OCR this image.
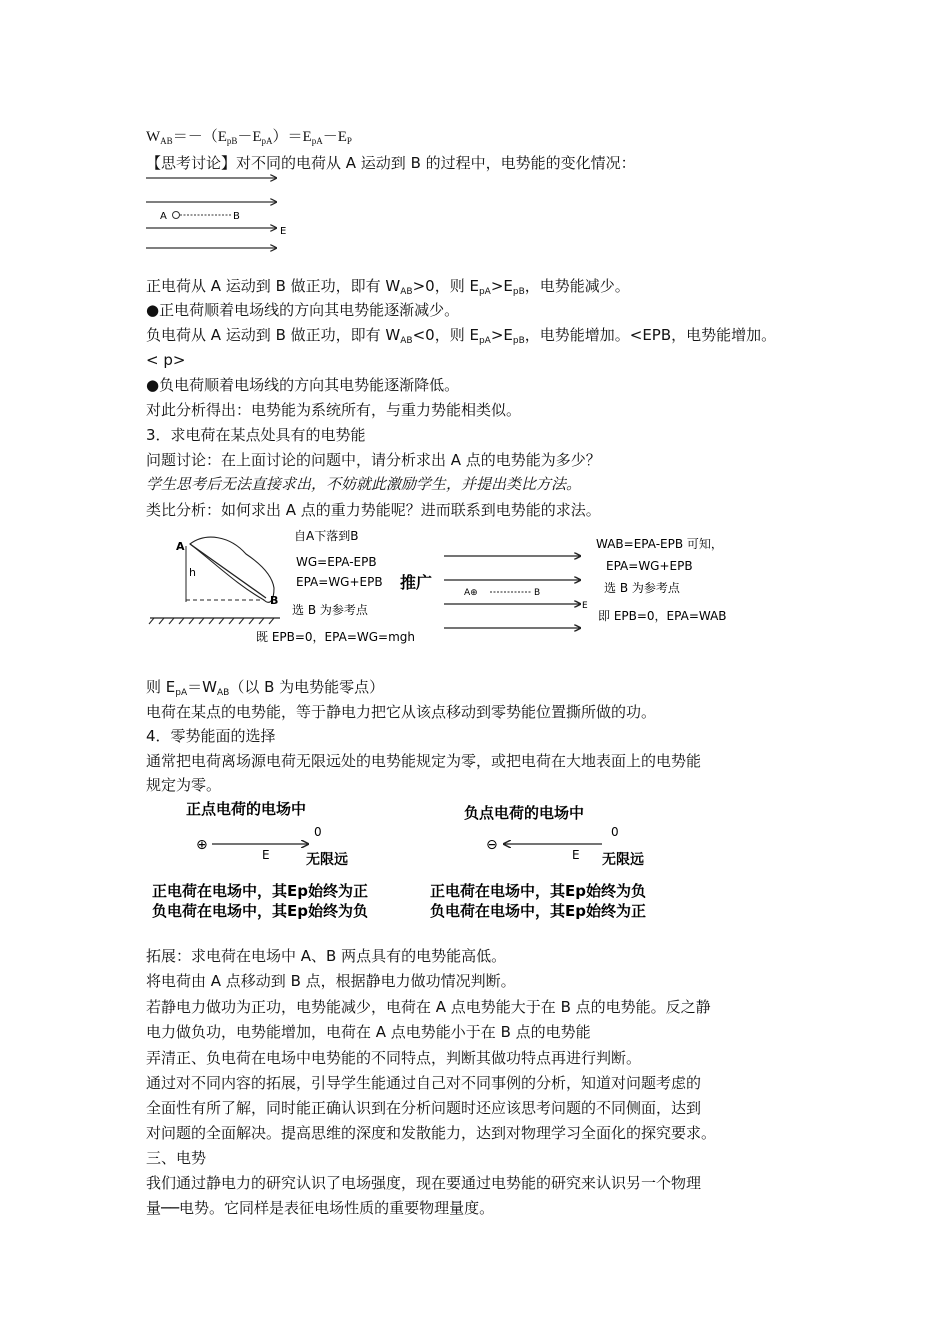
$W_{AB}=-(E_{pB}-E_{pA})=E_{pA}-E_P$
【思考讨论】对不同的电荷从 A 运动到 B 的过程中，电势能的变化情况：
A	B
E
正电荷从 A 运动到 B 做正功，即有 $W_{AB}>0$，则 $E_{pA}>E_{pB}$，电势能减少。
●正电荷顺着电场线的方向其电势能逐渐减少。
负电荷从 A 运动到 B 做正功，即有 $W_{AB}<0$，则 $E_{pA}>E_{pB}$，电势能增加。<EPB，电势能增加。
< p>
●负电荷顺着电场线的方向其电势能逐渐降低。
对此分析得出：电势能为系统所有，与重力势能相类似。
3．求电荷在某点处具有的电势能
问题讨论：在上面讨论的问题中，请分析求出 A 点的电势能为多少？
学生思考后无法直接求出，不妨就此激励学生，并提出类比方法。
类比分析：如何求出 A 点的重力势能呢？进而联系到电势能的求法。
A
h
B
自A下落到B
WG=EPA-EPB
EPA=WG+EPB
选 B 为参考点
既 EPB=0，EPA=WG=mgh
推广
A⊕	B
E
WAB=EPA-EPB 可知，
EPA=WG+EPB
选 B 为参考点
即 EPB=0，EPA=WAB
则 $E_{pA}=W_{AB}$（以 B 为电势能零点）
电荷在某点的电势能，等于静电力把它从该点移动到零势能位置撕所做的功。
4．零势能面的选择
通常把电荷离场源电荷无限远处的电势能规定为零，或把电荷在大地表面上的电势能
规定为零。
正点电荷的电场中
0
⊕
E	无限远
正电荷在电场中，其Ep始终为正
负电荷在电场中，其Ep始终为负
负点电荷的电场中
0
⊖
E 无限远
正电荷在电场中，其Ep始终为负
负电荷在电场中，其Ep始终为正
拓展：求电荷在电场中 A、B 两点具有的电势能高低。
将电荷由 A 点移动到 B 点，根据静电力做功情况判断。
若静电力做功为正功，电势能减少，电荷在 A 点电势能大于在 B 点的电势能。反之静
电力做负功，电势能增加，电荷在 A 点电势能小于在 B 点的电势能
弄清正、负电荷在电场中电势能的不同特点，判断其做功特点再进行判断。
通过对不同内容的拓展，引导学生能通过自己对不同事例的分析，知道对问题考虑的
全面性有所了解，同时能正确认识到在分析问题时还应该思考问题的不同侧面，达到
对问题的全面解决。提高思维的深度和发散能力，达到对物理学习全面化的探究要求。
三、电势
我们通过静电力的研究认识了电场强度，现在要通过电势能的研究来认识另一个物理
量──电势。它同样是表征电场性质的重要物理量度。
